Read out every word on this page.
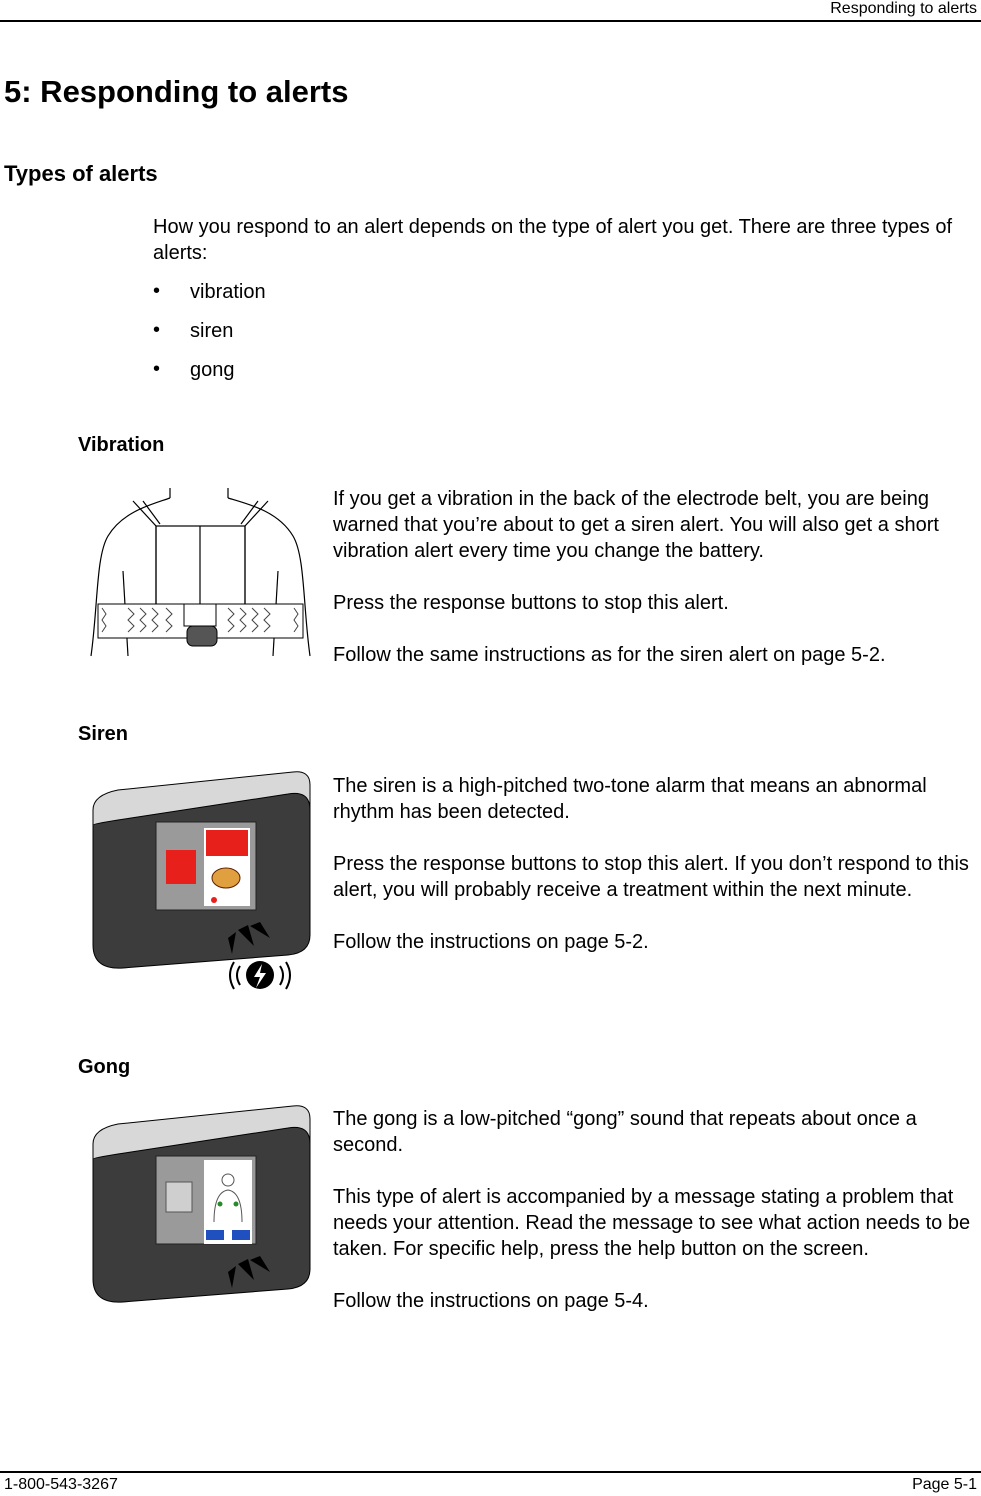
Responding to alerts
5: Responding to alerts
Types of alerts
How you respond to an alert depends on the type of alert you get. There are three types of alerts:
• vibration
• siren
• gong
Vibration

If you get a vibration in the back of the electrode belt, you are being warned that you’re about to get a siren alert. You will also get a short vibration alert every time you change the battery.

Press the response buttons to stop this alert.

Follow the same instructions as for the siren alert on page 5-2.

Siren

The siren is a high-pitched two-tone alarm that means an abnormal rhythm has been detected.

Press the response buttons to stop this alert. If you don’t respond to this alert, you will probably receive a treatment within the next minute.

Follow the instructions on page 5-2.

Gong

The gong is a low-pitched “gong” sound that repeats about once a second.

This type of alert is accompanied by a message stating a problem that needs your attention. Read the message to see what action needs to be taken. For specific help, press the help button on the screen.

Follow the instructions on page 5-4.

1-800-543-3267	Page 5-1
